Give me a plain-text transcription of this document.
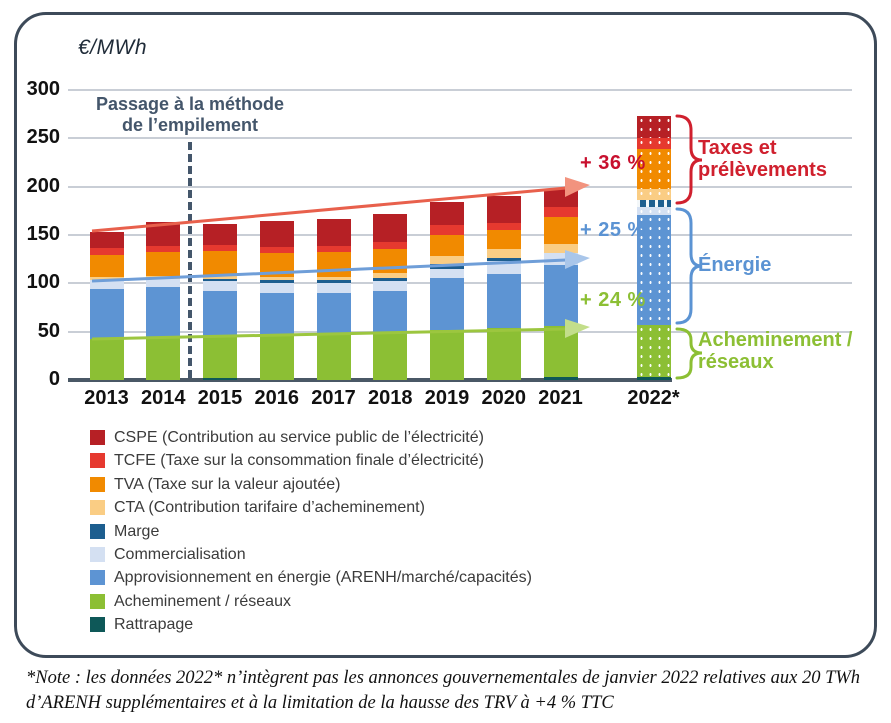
€/MWh
Passage à la méthode
de l’empilement
0
50
100
150
200
250
300
2013 2014 2015 2016 2017 2018 2019 2020 2021	2022*
+ 36 %
+ 25 %
+ 24 %
Taxes et prélèvements
Énergie
Acheminement / réseaux
CSPE (Contribution au service public de l’électricité)
TCFE (Taxe sur la consommation finale d’électricité)
TVA (Taxe sur la valeur ajoutée)
CTA (Contribution tarifaire d’acheminement)
Marge
Commercialisation
Approvisionnement en énergie (ARENH/marché/capacités)
Acheminement / réseaux
Rattrapage
*Note : les données 2022* n’intègrent pas les annonces gouvernementales de janvier 2022 relatives aux 20 TWh d’ARENH supplémentaires et à la limitation de la hausse des TRV à +4 % TTC
